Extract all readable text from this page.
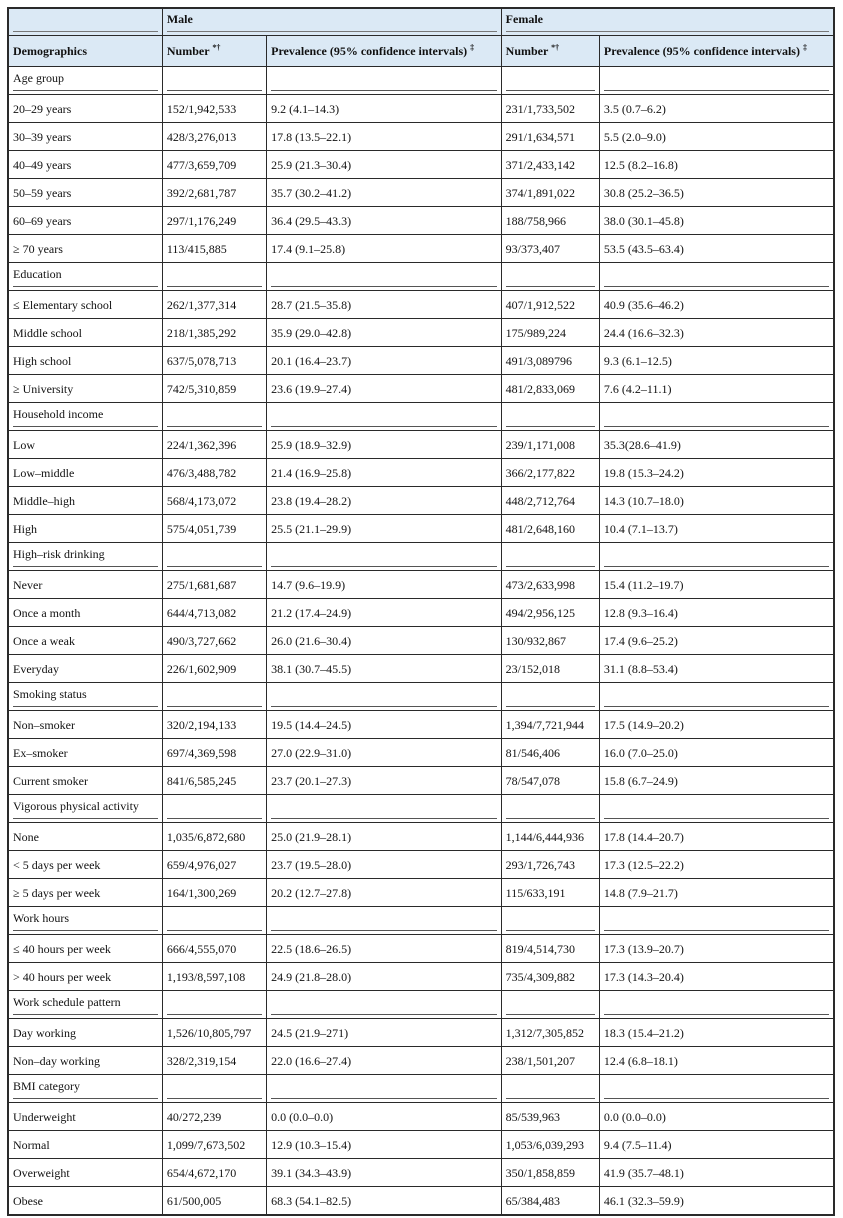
	Male		Female	

Demographics	Number *†	Prevalence (95% confidence intervals) ‡	Number *†	Prevalence (95% confidence intervals) ‡

Age group				

20–29 years	152/1,942,533	9.2 (4.1–14.3)	231/1,733,502	3.5 (0.7–6.2)
30–39 years	428/3,276,013	17.8 (13.5–22.1)	291/1,634,571	5.5 (2.0–9.0)
40–49 years	477/3,659,709	25.9 (21.3–30.4)	371/2,433,142	12.5 (8.2–16.8)
50–59 years	392/2,681,787	35.7 (30.2–41.2)	374/1,891,022	30.8 (25.2–36.5)
60–69 years	297/1,176,249	36.4 (29.5–43.3)	188/758,966	38.0 (30.1–45.8)
≥ 70 years	113/415,885	17.4 (9.1–25.8)	93/373,407	53.5 (43.5–63.4)

Education				

≤ Elementary school	262/1,377,314	28.7 (21.5–35.8)	407/1,912,522	40.9 (35.6–46.2)
Middle school	218/1,385,292	35.9 (29.0–42.8)	175/989,224	24.4 (16.6–32.3)
High school	637/5,078,713	20.1 (16.4–23.7)	491/3,089796	9.3 (6.1–12.5)
≥ University	742/5,310,859	23.6 (19.9–27.4)	481/2,833,069	7.6 (4.2–11.1)

Household income				

Low	224/1,362,396	25.9 (18.9–32.9)	239/1,171,008	35.3(28.6–41.9)
Low–middle	476/3,488,782	21.4 (16.9–25.8)	366/2,177,822	19.8 (15.3–24.2)
Middle–high	568/4,173,072	23.8 (19.4–28.2)	448/2,712,764	14.3 (10.7–18.0)
High	575/4,051,739	25.5 (21.1–29.9)	481/2,648,160	10.4 (7.1–13.7)

High–risk drinking				

Never	275/1,681,687	14.7 (9.6–19.9)	473/2,633,998	15.4 (11.2–19.7)
Once a month	644/4,713,082	21.2 (17.4–24.9)	494/2,956,125	12.8 (9.3–16.4)
Once a weak	490/3,727,662	26.0 (21.6–30.4)	130/932,867	17.4 (9.6–25.2)
Everyday	226/1,602,909	38.1 (30.7–45.5)	23/152,018	31.1 (8.8–53.4)

Smoking status				

Non–smoker	320/2,194,133	19.5 (14.4–24.5)	1,394/7,721,944	17.5 (14.9–20.2)
Ex–smoker	697/4,369,598	27.0 (22.9–31.0)	81/546,406	16.0 (7.0–25.0)
Current smoker	841/6,585,245	23.7 (20.1–27.3)	78/547,078	15.8 (6.7–24.9)

Vigorous physical activity				

None	1,035/6,872,680	25.0 (21.9–28.1)	1,144/6,444,936	17.8 (14.4–20.7)
< 5 days per week	659/4,976,027	23.7 (19.5–28.0)	293/1,726,743	17.3 (12.5–22.2)
≥ 5 days per week	164/1,300,269	20.2 (12.7–27.8)	115/633,191	14.8 (7.9–21.7)

Work hours				

≤ 40 hours per week	666/4,555,070	22.5 (18.6–26.5)	819/4,514,730	17.3 (13.9–20.7)
> 40 hours per week	1,193/8,597,108	24.9 (21.8–28.0)	735/4,309,882	17.3 (14.3–20.4)

Work schedule pattern				

Day working	1,526/10,805,797	24.5 (21.9–271)	1,312/7,305,852	18.3 (15.4–21.2)
Non–day working	328/2,319,154	22.0 (16.6–27.4)	238/1,501,207	12.4 (6.8–18.1)

BMI category				

Underweight	40/272,239	0.0 (0.0–0.0)	85/539,963	0.0 (0.0–0.0)
Normal	1,099/7,673,502	12.9 (10.3–15.4)	1,053/6,039,293	9.4 (7.5–11.4)
Overweight	654/4,672,170	39.1 (34.3–43.9)	350/1,858,859	41.9 (35.7–48.1)
Obese	61/500,005	68.3 (54.1–82.5)	65/384,483	46.1 (32.3–59.9)
